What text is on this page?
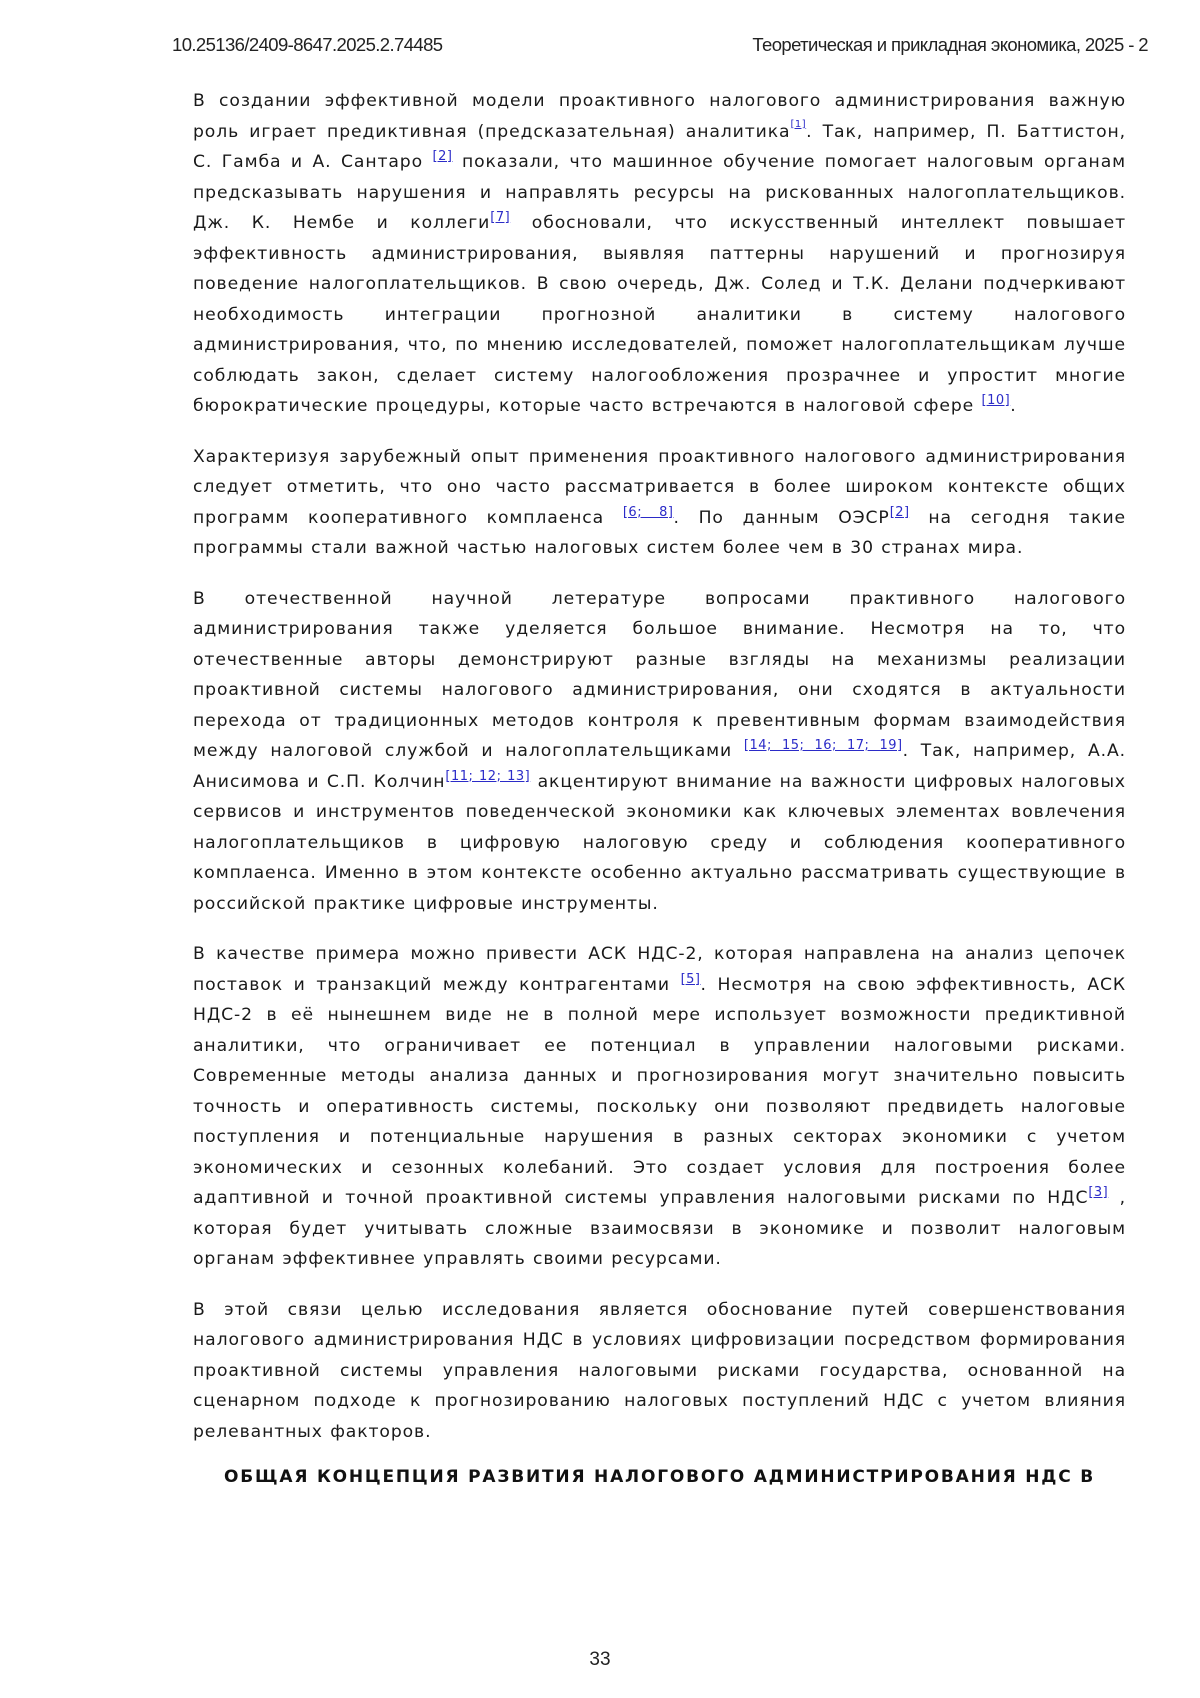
10.25136/2409-8647.2025.2.74485	Теоретическая и прикладная экономика, 2025 - 2

В создании эффективной модели проактивного налогового администрирования важную роль играет предиктивная (предсказательная) аналитика[1]. Так, например, П. Баттистон, С. Гамба и А. Сантаро [2] показали, что машинное обучение помогает налоговым органам предсказывать нарушения и направлять ресурсы на рискованных налогоплательщиков. Дж. К. Нембе и коллеги[7] обосновали, что искусственный интеллект повышает эффективность администрирования, выявляя паттерны нарушений и прогнозируя поведение налогоплательщиков. В свою очередь, Дж. Солед и Т.К. Делани подчеркивают необходимость интеграции прогнозной аналитики в систему налогового администрирования, что, по мнению исследователей, поможет налогоплательщикам лучше соблюдать закон, сделает систему налогообложения прозрачнее и упростит многие бюрократические процедуры, которые часто встречаются в налоговой сфере [10].

Характеризуя зарубежный опыт применения проактивного налогового администрирования следует отметить, что оно часто рассматривается в более широком контексте общих программ кооперативного комплаенса [6; 8]. По данным ОЭСР[2] на сегодня такие программы стали важной частью налоговых систем более чем в 30 странах мира.

В отечественной научной летературе вопросами практивного налогового администрирования также уделяется большое внимание. Несмотря на то, что отечественные авторы демонстрируют разные взгляды на механизмы реализации проактивной системы налогового администрирования, они сходятся в актуальности перехода от традиционных методов контроля к превентивным формам взаимодействия между налоговой службой и налогоплательщиками [14; 15; 16; 17; 19]. Так, например, А.А. Анисимова и С.П. Колчин[11; 12; 13] акцентируют внимание на важности цифровых налоговых сервисов и инструментов поведенческой экономики как ключевых элементах вовлечения налогоплательщиков в цифровую налоговую среду и соблюдения кооперативного комплаенса. Именно в этом контексте особенно актуально рассматривать существующие в российской практике цифровые инструменты.

В качестве примера можно привести АСК НДС-2, которая направлена на анализ цепочек поставок и транзакций между контрагентами [5]. Несмотря на свою эффективность, АСК НДС-2 в её нынешнем виде не в полной мере использует возможности предиктивной аналитики, что ограничивает ее потенциал в управлении налоговыми рисками. Современные методы анализа данных и прогнозирования могут значительно повысить точность и оперативность системы, поскольку они позволяют предвидеть налоговые поступления и потенциальные нарушения в разных секторах экономики с учетом экономических и сезонных колебаний. Это создает условия для построения более адаптивной и точной проактивной системы управления налоговыми рисками по НДС[3] , которая будет учитывать сложные взаимосвязи в экономике и позволит налоговым органам эффективнее управлять своими ресурсами.

В этой связи целью исследования является обоснование путей совершенствования налогового администрирования НДС в условиях цифровизации посредством формирования проактивной системы управления налоговыми рисками государства, основанной на сценарном подходе к прогнозированию налоговых поступлений НДС с учетом влияния релевантных факторов.

ОБЩАЯ КОНЦЕПЦИЯ РАЗВИТИЯ НАЛОГОВОГО АДМИНИСТРИРОВАНИЯ НДС В
33
